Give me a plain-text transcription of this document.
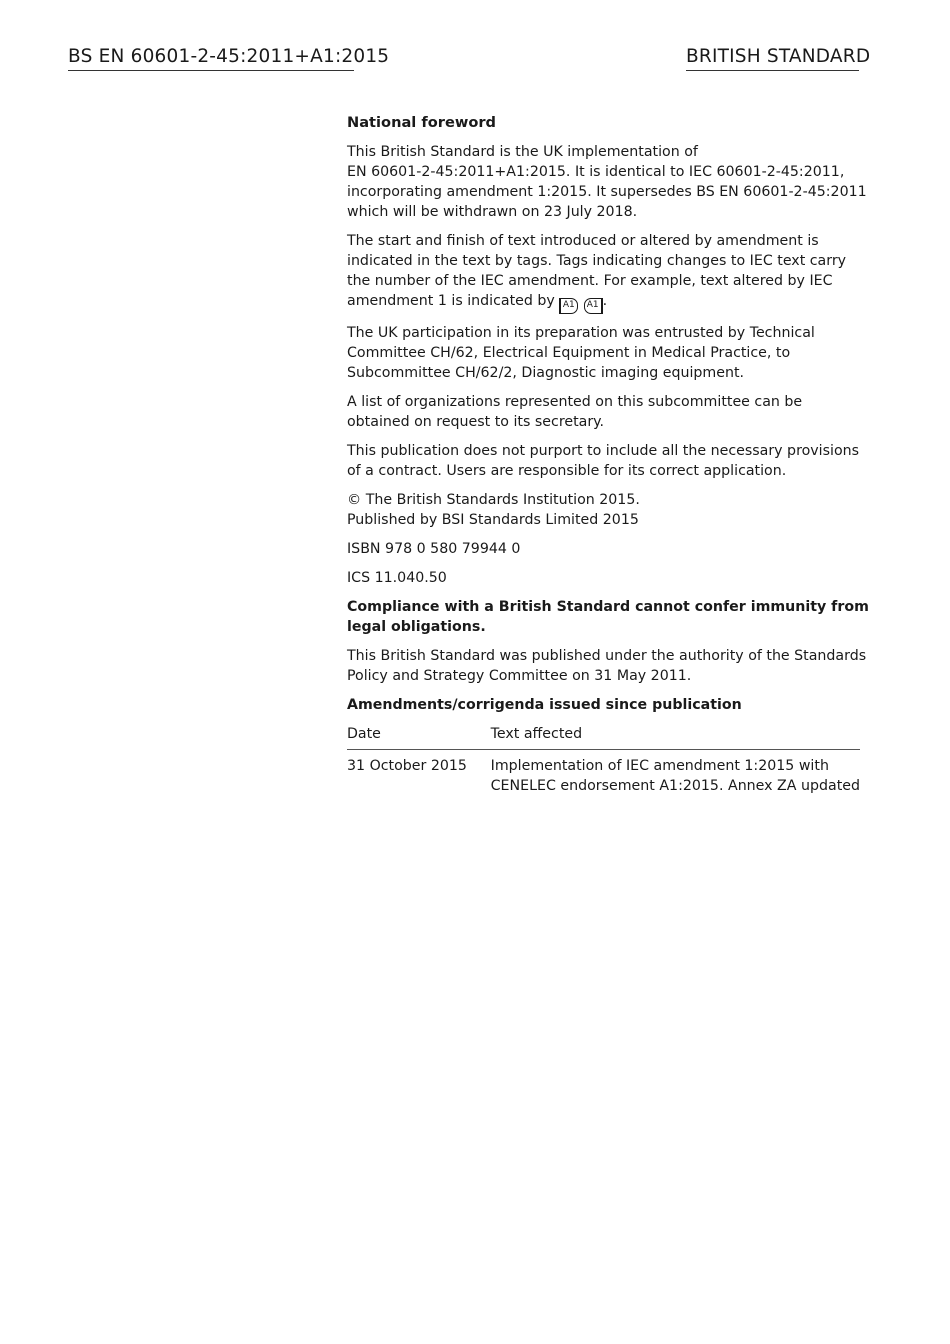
BS EN 60601-2-45:2011+A1:2015	BRITISH STANDARD
National foreword

This British Standard is the UK implementation of
EN 60601-2-45:2011+A1:2015. It is identical to IEC 60601-2-45:2011,
incorporating amendment 1:2015. It supersedes BS EN 60601-2-45:2011
which will be withdrawn on 23 July 2018.

The start and finish of text introduced or altered by amendment is
indicated in the text by tags. Tags indicating changes to IEC text carry
the number of the IEC amendment. For example, text altered by IEC
amendment 1 is indicated by A1 A1 .

The UK participation in its preparation was entrusted by Technical
Committee CH/62, Electrical Equipment in Medical Practice, to
Subcommittee CH/62/2, Diagnostic imaging equipment.

A list of organizations represented on this subcommittee can be
obtained on request to its secretary.

This publication does not purport to include all the necessary provisions
of a contract. Users are responsible for its correct application.

© The British Standards Institution 2015.
Published by BSI Standards Limited 2015

ISBN 978 0 580 79944 0

ICS 11.040.50

Compliance with a British Standard cannot confer immunity from
legal obligations.

This British Standard was published under the authority of the Standards
Policy and Strategy Committee on 31 May 2011.

Amendments/corrigenda issued since publication

Date	Text affected
31 October 2015	Implementation of IEC amendment 1:2015 with
CENELEC endorsement A1:2015. Annex ZA updated
